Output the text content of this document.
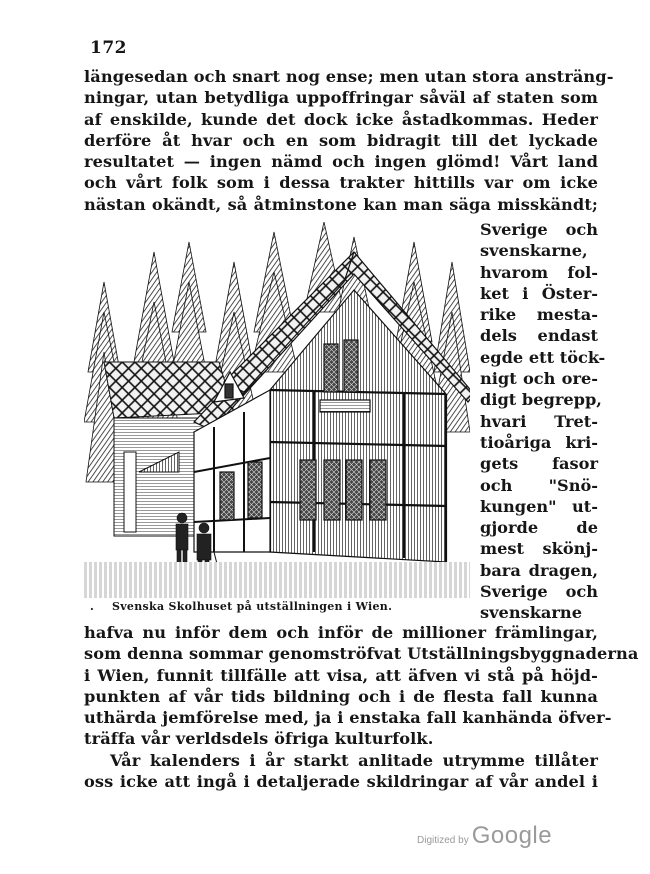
172
längesedan och snart nog ense; men utan stora ansträng-
ningar, utan betydliga uppoffringar såväl af staten som
af enskilde, kunde det dock icke åstadkommas. Heder
derföre åt hvar och en som bidragit till det lyckade
resultatet — ingen nämd och ingen glömd! Vårt land
och vårt folk som i dessa trakter hittills var om icke
nästan okändt, så åtminstone kan man säga misskändt;
. Svenska Skolhuset på utställningen i Wien.
Sverige och
svenskarne,
hvarom fol-
ket i Öster-
rike mesta-
dels endast
egde ett töck-
nigt och ore-
digt begrepp,
hvari Tret-
tioåriga kri-
gets fasor
och "Snö-
kungen" ut-
gjorde de
mest skönj-
bara dragen,
Sverige och
svenskarne
hafva nu inför dem och inför de millioner främlingar,
som denna sommar genomströfvat Utställningsbyggnaderna
i Wien, funnit tillfälle att visa, att äfven vi stå på höjd-
punkten af vår tids bildning och i de flesta fall kunna
uthärda jemförelse med, ja i enstaka fall kanhända öfver-
träffa vår verldsdels öfriga kulturfolk.
Vår kalenders i år starkt anlitade utrymme tillåter
oss icke att ingå i detaljerade skildringar af vår andel i
Digitized by Google
